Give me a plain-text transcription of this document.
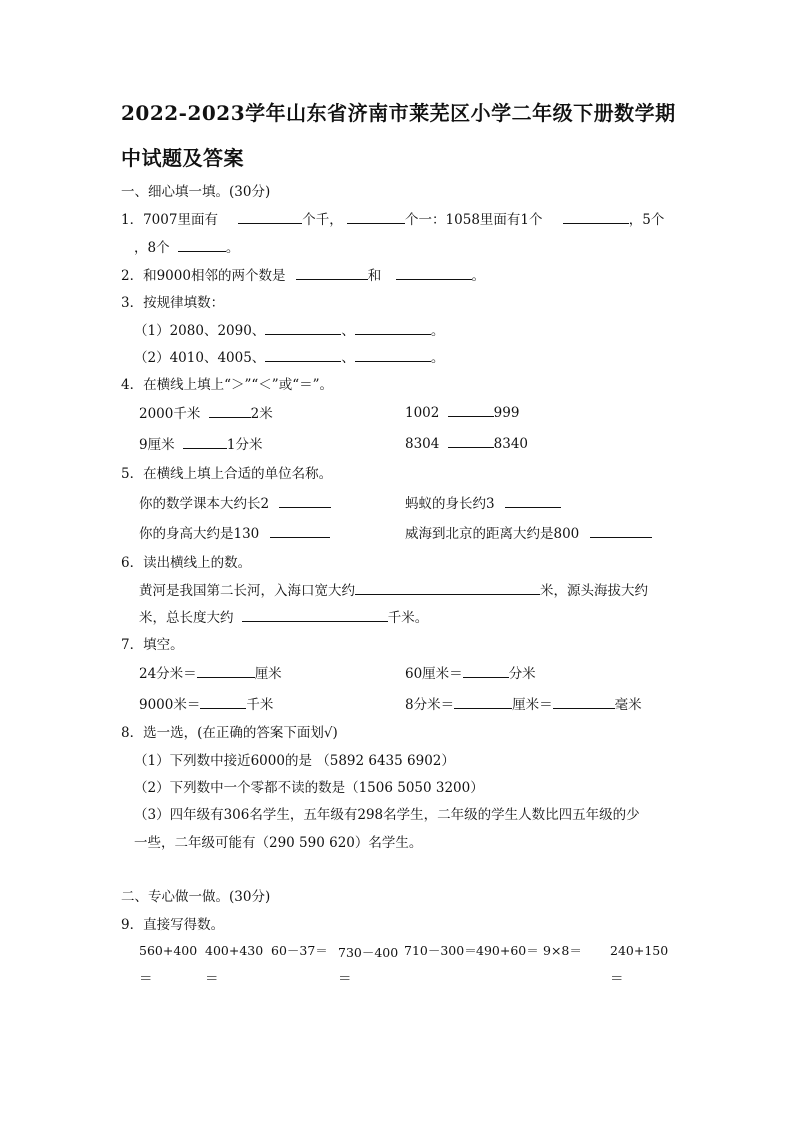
2022-2023学年山东省济南市莱芜区小学二年级下册数学期
中试题及答案
一、细心填一填。(30分)
1．7007里面有	个千，	个一：1058里面有1个	，5个
，8个	。
2．和9000相邻的两个数是	和	。
3．按规律填数：
（1）2080、2090、	、	。
（2）4010、4005、	、	。
4．在横线上填上“＞”“＜”或“＝”。
2000千米	2米	1002	999
9厘米	1分米	8304	8340
5．在横线上填上合适的单位名称。
你的数学课本大约长2	蚂蚁的身长约3
你的身高大约是130	威海到北京的距离大约是800
6．读出横线上的数。
黄河是我国第二长河，入海口宽大约	米，源头海拔大约
米，总长度大约	千米。
7．填空。
24分米＝	厘米	60厘米＝	分米
9000米＝	千米	8分米＝	厘米＝	毫米
8．选一选，(在正确的答案下面划√)
（1）下列数中接近6000的是 （5892 6435 6902）
（2）下列数中一个零都不读的数是（1506 5050 3200）
（3）四年级有306名学生，五年级有298名学生，二年级的学生人数比四五年级的少
一些，二年级可能有（290 590 620）名学生。
二、专心做一做。(30分)
9．直接写得数。
560+400
＝
400+430
＝
60－37＝ 730－400
＝
710－300＝ 490+60＝ 9×8＝ 240+150
＝
